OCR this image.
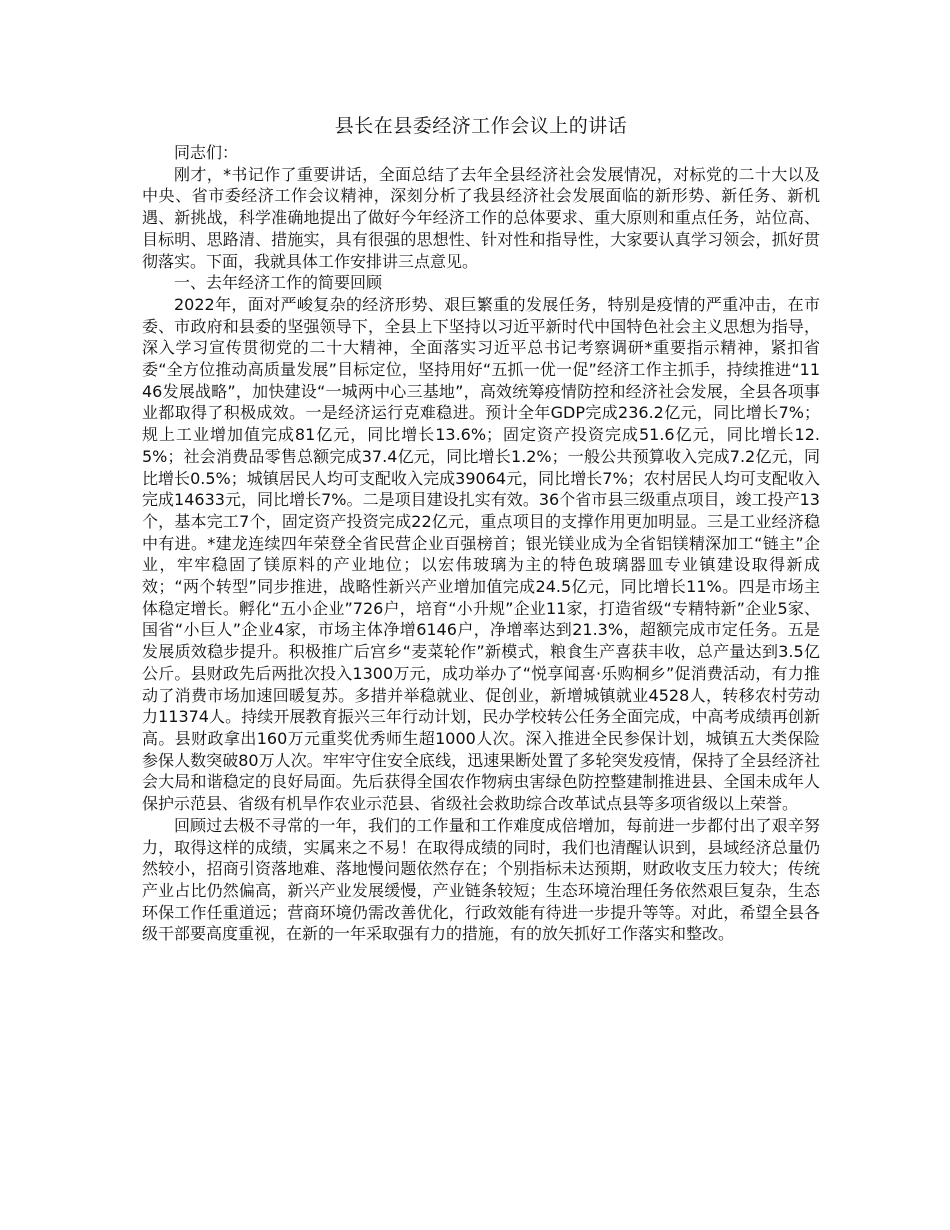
县长在县委经济工作会议上的讲话

同志们：

刚才，*书记作了重要讲话，全面总结了去年全县经济社会发展情况，对标党的二十大以及中央、省市委经济工作会议精神，深刻分析了我县经济社会发展面临的新形势、新任务、新机遇、新挑战，科学准确地提出了做好今年经济工作的总体要求、重大原则和重点任务，站位高、目标明、思路清、措施实，具有很强的思想性、针对性和指导性，大家要认真学习领会，抓好贯彻落实。下面，我就具体工作安排讲三点意见。

一、去年经济工作的简要回顾

2022年，面对严峻复杂的经济形势、艰巨繁重的发展任务，特别是疫情的严重冲击，在市委、市政府和县委的坚强领导下，全县上下坚持以习近平新时代中国特色社会主义思想为指导，深入学习宣传贯彻党的二十大精神，全面落实习近平总书记考察调研*重要指示精神，紧扣省委“全方位推动高质量发展”目标定位，坚持用好“五抓一优一促”经济工作主抓手，持续推进“1146发展战略”，加快建设“一城两中心三基地”，高效统筹疫情防控和经济社会发展，全县各项事业都取得了积极成效。一是经济运行克难稳进。预计全年GDP完成236.2亿元，同比增长7%；规上工业增加值完成81亿元，同比增长13.6%；固定资产投资完成51.6亿元，同比增长12.5%；社会消费品零售总额完成37.4亿元，同比增长1.2%；一般公共预算收入完成7.2亿元，同比增长0.5%；城镇居民人均可支配收入完成39064元，同比增长7%；农村居民人均可支配收入完成14633元，同比增长7%。二是项目建设扎实有效。36个省市县三级重点项目，竣工投产13个，基本完工7个，固定资产投资完成22亿元，重点项目的支撑作用更加明显。三是工业经济稳中有进。*建龙连续四年荣登全省民营企业百强榜首；银光镁业成为全省铝镁精深加工“链主”企业，牢牢稳固了镁原料的产业地位；以宏伟玻璃为主的特色玻璃器皿专业镇建设取得新成效；“两个转型”同步推进，战略性新兴产业增加值完成24.5亿元，同比增长11%。四是市场主体稳定增长。孵化“五小企业”726户，培育“小升规”企业11家，打造省级“专精特新”企业5家、国省“小巨人”企业4家，市场主体净增6146户，净增率达到21.3%，超额完成市定任务。五是发展质效稳步提升。积极推广后宫乡“麦菜轮作”新模式，粮食生产喜获丰收，总产量达到3.5亿公斤。县财政先后两批次投入1300万元，成功举办了“悦享闻喜·乐购桐乡”促消费活动，有力推动了消费市场加速回暖复苏。多措并举稳就业、促创业，新增城镇就业4528人，转移农村劳动力11374人。持续开展教育振兴三年行动计划，民办学校转公任务全面完成，中高考成绩再创新高。县财政拿出160万元重奖优秀师生超1000人次。深入推进全民参保计划，城镇五大类保险参保人数突破80万人次。牢牢守住安全底线，迅速果断处置了多轮突发疫情，保持了全县经济社会大局和谐稳定的良好局面。先后获得全国农作物病虫害绿色防控整建制推进县、全国未成年人保护示范县、省级有机旱作农业示范县、省级社会救助综合改革试点县等多项省级以上荣誉。

回顾过去极不寻常的一年，我们的工作量和工作难度成倍增加，每前进一步都付出了艰辛努力，取得这样的成绩，实属来之不易！在取得成绩的同时，我们也清醒认识到，县域经济总量仍然较小，招商引资落地难、落地慢问题依然存在；个别指标未达预期，财政收支压力较大；传统产业占比仍然偏高，新兴产业发展缓慢，产业链条较短；生态环境治理任务依然艰巨复杂，生态环保工作任重道远；营商环境仍需改善优化，行政效能有待进一步提升等等。对此，希望全县各级干部要高度重视，在新的一年采取强有力的措施，有的放矢抓好工作落实和整改。
